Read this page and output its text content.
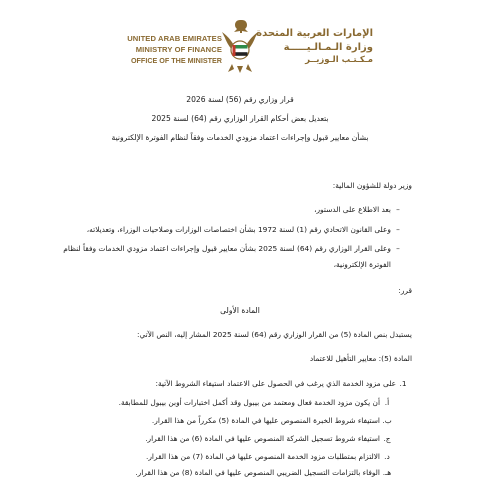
UNITED ARAB EMIRATES
MINISTRY OF FINANCE
OFFICE OF THE MINISTER
الإمارات العربية المتحدة
وزارة الـمـالـيـــــة
مـكـتـب الـوزيــر
قرار وزاري رقم (56) لسنة 2026
بتعديل بعض أحكام القرار الوزاري رقم (64) لسنة 2025
بشأن معايير قبول وإجراءات اعتماد مزودي الخدمات وفقاً لنظام الفوترة الإلكترونية
وزير دولة للشؤون المالية:
–بعد الاطلاع على الدستور،
–وعلى القانون الاتحادي رقم (1) لسنة 1972 بشأن اختصاصات الوزارات وصلاحيات الوزراء، وتعديلاته،
–وعلى القرار الوزاري رقم (64) لسنة 2025 بشأن معايير قبول وإجراءات اعتماد مزودي الخدمات وفقاً لنظام
الفوترة الإلكترونية،
قرر:
المادة الأولى
يستبدل بنص المادة (5) من القرار الوزاري رقم (64) لسنة 2025 المشار إليه، النص الآتي:
المادة (5): معايير التأهيل للاعتماد
1.على مزود الخدمة الذي يرغب في الحصول على الاعتماد استيفاء الشروط الآتية:
أ.أن يكون مزود الخدمة فعال ومعتمد من بيبول وقد أكمل اختبارات أوبن بيبول للمطابقة.
ب.استيفاء شروط الخبرة المنصوص عليها في المادة (5) مكرراً من هذا القرار.
ج.استيفاء شروط تسجيل الشركة المنصوص عليها في المادة (6) من هذا القرار.
د.الالتزام بمتطلبات مزود الخدمة المنصوص عليها في المادة (7) من هذا القرار.
هـ.الوفاء بالتزامات التسجيل الضريبي المنصوص عليها في المادة (8) من هذا القرار.
